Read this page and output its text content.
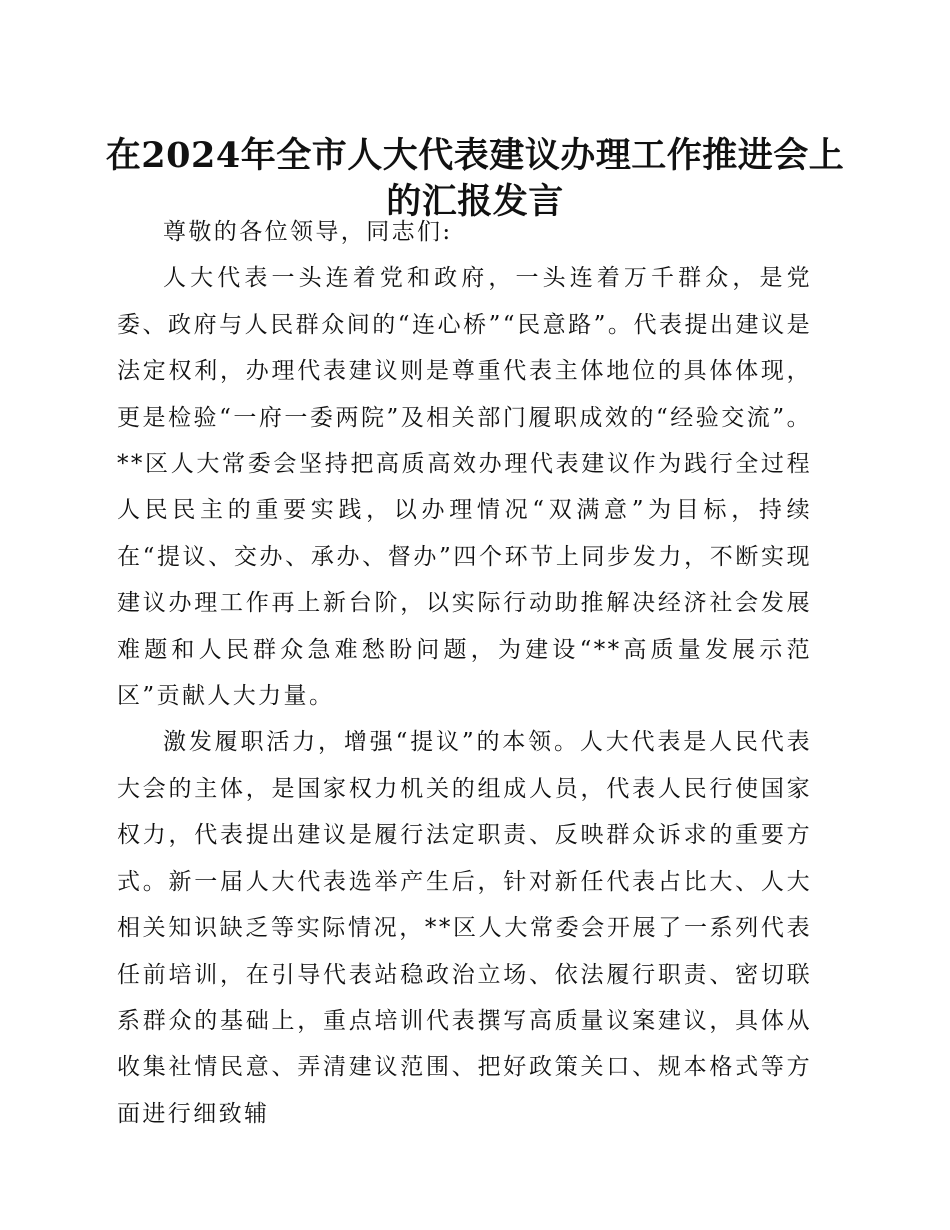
在2024年全市人大代表建议办理工作推进会上
的汇报发言

尊敬的各位领导，同志们:

人大代表一头连着党和政府，一头连着万千群众，是党委、政府与人民群众间的“连心桥”“民意路”。代表提出建议是法定权利，办理代表建议则是尊重代表主体地位的具体体现，更是检验“一府一委两院”及相关部门履职成效的“经验交流”。**区人大常委会坚持把高质高效办理代表建议作为践行全过程人民民主的重要实践，以办理情况“双满意”为目标，持续在“提议、交办、承办、督办”四个环节上同步发力，不断实现建议办理工作再上新台阶，以实际行动助推解决经济社会发展难题和人民群众急难愁盼问题，为建设“**高质量发展示范区”贡献人大力量。

激发履职活力，增强“提议”的本领。人大代表是人民代表大会的主体，是国家权力机关的组成人员，代表人民行使国家权力，代表提出建议是履行法定职责、反映群众诉求的重要方式。新一届人大代表选举产生后，针对新任代表占比大、人大相关知识缺乏等实际情况，**区人大常委会开展了一系列代表任前培训，在引导代表站稳政治立场、依法履行职责、密切联系群众的基础上，重点培训代表撰写高质量议案建议，具体从收集社情民意、弄清建议范围、把好政策关口、规本格式等方面进行细致辅
